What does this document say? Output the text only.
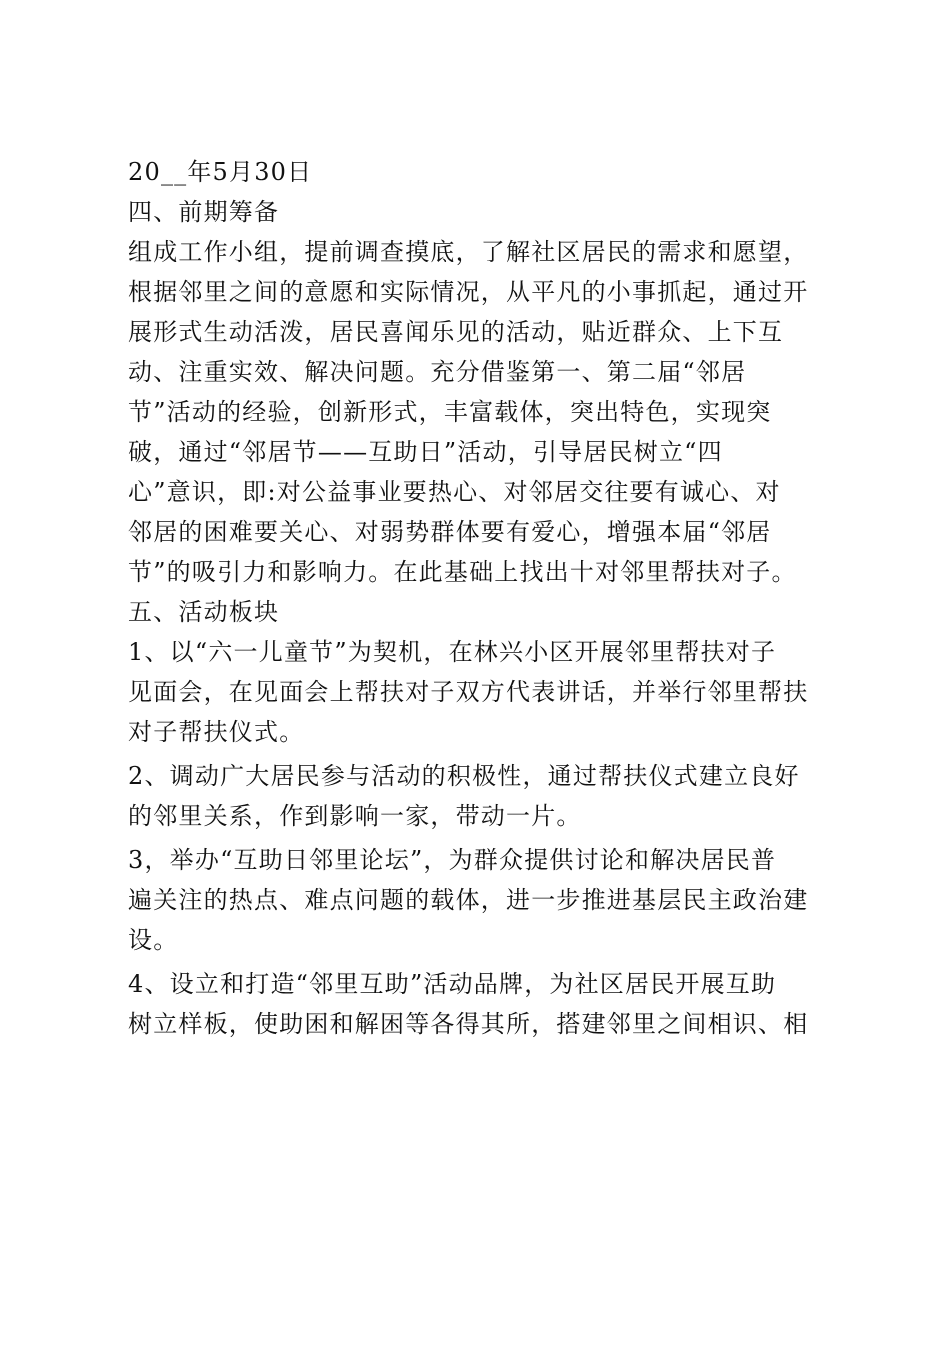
20__年5月30日
四、前期筹备
组成工作小组，提前调查摸底，了解社区居民的需求和愿望，
根据邻里之间的意愿和实际情况，从平凡的小事抓起，通过开
展形式生动活泼，居民喜闻乐见的活动，贴近群众、上下互
动、注重实效、解决问题。充分借鉴第一、第二届“邻居
节”活动的经验，创新形式，丰富载体，突出特色，实现突
破，通过“邻居节——互助日”活动，引导居民树立“四
心”意识，即:对公益事业要热心、对邻居交往要有诚心、对
邻居的困难要关心、对弱势群体要有爱心，增强本届“邻居
节”的吸引力和影响力。在此基础上找出十对邻里帮扶对子。
五、活动板块
1、以“六一儿童节”为契机，在林兴小区开展邻里帮扶对子
见面会，在见面会上帮扶对子双方代表讲话，并举行邻里帮扶
对子帮扶仪式。
2、调动广大居民参与活动的积极性，通过帮扶仪式建立良好
的邻里关系，作到影响一家，带动一片。
3，举办“互助日邻里论坛”，为群众提供讨论和解决居民普
遍关注的热点、难点问题的载体，进一步推进基层民主政治建
设。
4、设立和打造“邻里互助”活动品牌，为社区居民开展互助
树立样板，使助困和解困等各得其所，搭建邻里之间相识、相
